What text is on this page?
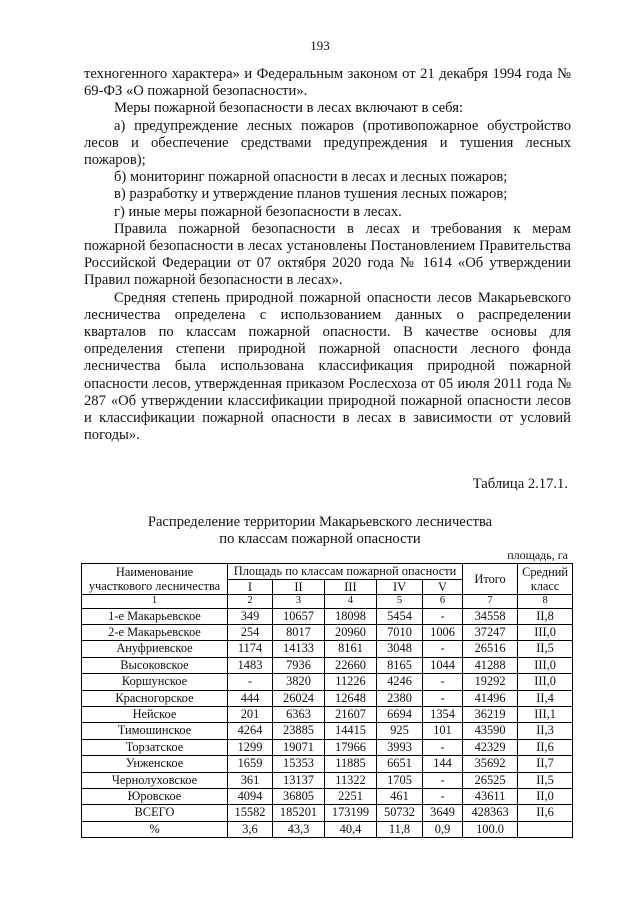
193

техногенного характера» и Федеральным законом от 21 декабря 1994 года № 69-ФЗ «О пожарной безопасности».

Меры пожарной безопасности в лесах включают в себя:

а) предупреждение лесных пожаров (противопожарное обустройство лесов и обеспечение средствами предупреждения и тушения лесных пожаров);

б) мониторинг пожарной опасности в лесах и лесных пожаров;

в) разработку и утверждение планов тушения лесных пожаров;

г) иные меры пожарной безопасности в лесах.

Правила пожарной безопасности в лесах и требования к мерам пожарной безопасности в лесах установлены Постановлением Правительства Российской Федерации от 07 октября 2020 года № 1614 «Об утверждении Правил пожарной безопасности в лесах».

Средняя степень природной пожарной опасности лесов Макарьевского лесничества определена с использованием данных о распределении кварталов по классам пожарной опасности. В качестве основы для определения степени природной пожарной опасности лесного фонда лесничества была использована классификация природной пожарной опасности лесов, утвержденная приказом Рослесхоза от 05 июля 2011 года № 287 «Об утверждении классификации природной пожарной опасности лесов и классификации пожарной опасности в лесах в зависимости от условий погоды».

Таблица 2.17.1.
Распределение территории Макарьевского лесничества
по классам пожарной опасности
площадь, га
Наименование участкового лесничества	Площадь по классам пожарной опасности					Итого	Средний класс
	I	II	III	IV	V		
1	2	3	4	5	6	7	8
1-е Макарьевское	349	10657	18098	5454	-	34558	II,8
2-е Макарьевское	254	8017	20960	7010	1006	37247	III,0
Ануфриевское	1174	14133	8161	3048	-	26516	II,5
Высоковское	1483	7936	22660	8165	1044	41288	III,0
Коршунское	-	3820	11226	4246	-	19292	III,0
Красногорское	444	26024	12648	2380	-	41496	II,4
Нейское	201	6363	21607	6694	1354	36219	III,1
Тимошинское	4264	23885	14415	925	101	43590	II,3
Торзатское	1299	19071	17966	3993	-	42329	II,6
Унженское	1659	15353	11885	6651	144	35692	II,7
Чернолуховское	361	13137	11322	1705	-	26525	II,5
Юровское	4094	36805	2251	461	-	43611	II,0
ВСЕГО	15582	185201	173199	50732	3649	428363	II,6
%	3,6	43,3	40,4	11,8	0,9	100.0	
